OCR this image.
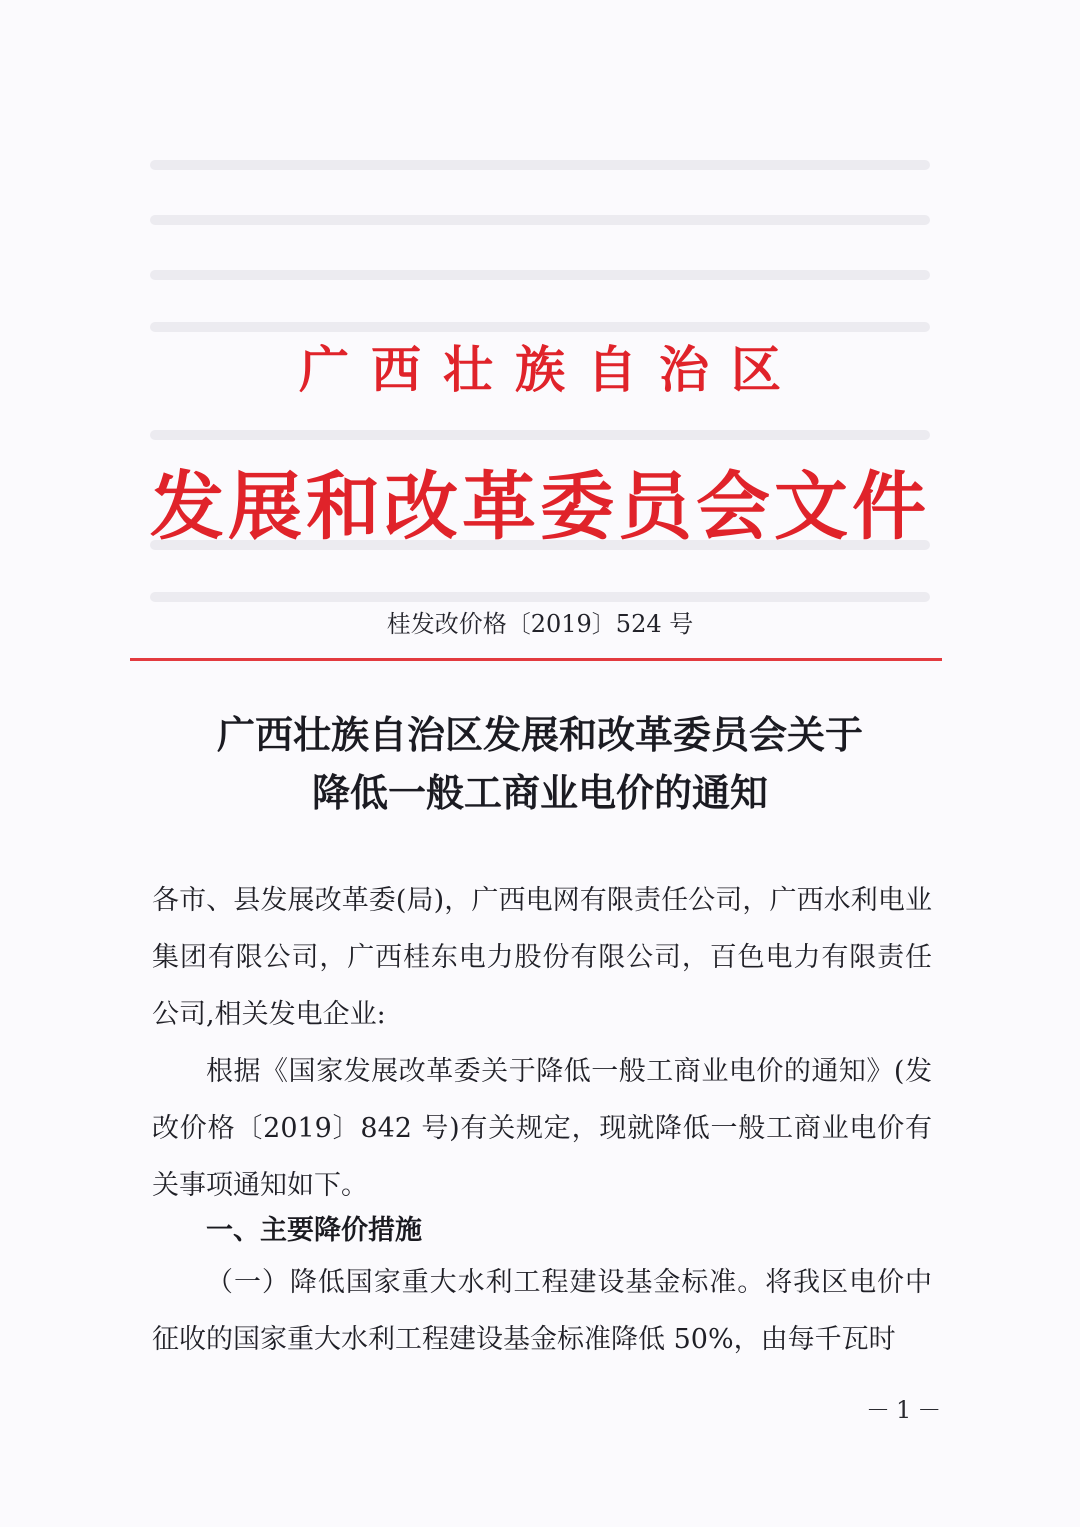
广西壮族自治区
发展和改革委员会文件
桂发改价格〔2019〕524 号
广西壮族自治区发展和改革委员会关于
降低一般工商业电价的通知
各市、县发展改革委(局)，广西电网有限责任公司，广西水利电业集团有限公司，广西桂东电力股份有限公司，百色电力有限责任公司,相关发电企业:
根据《国家发展改革委关于降低一般工商业电价的通知》(发改价格〔2019〕842 号)有关规定，现就降低一般工商业电价有关事项通知如下。
一、主要降价措施
（一）降低国家重大水利工程建设基金标准。将我区电价中征收的国家重大水利工程建设基金标准降低 50%，由每千瓦时
－1－
